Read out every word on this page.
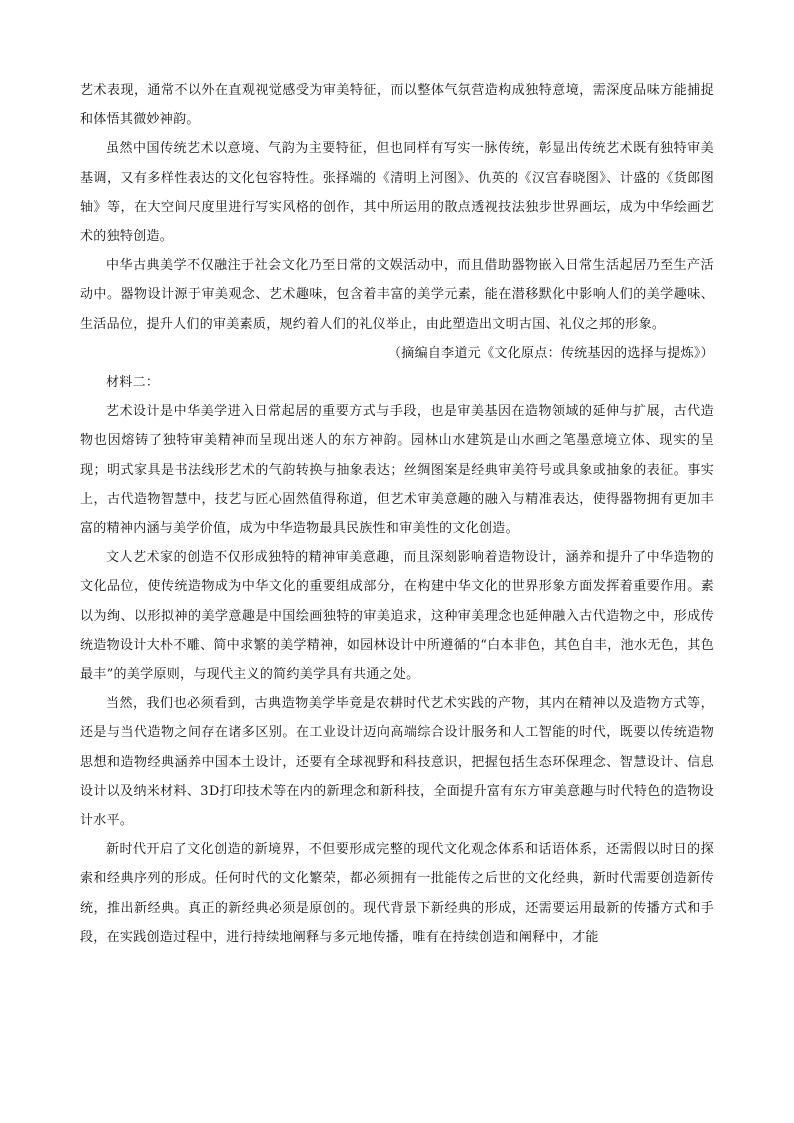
艺术表现，通常不以外在直观视觉感受为审美特征，而以整体气氛营造构成独特意境，需深度品味方能捕捉和体悟其微妙神韵。

虽然中国传统艺术以意境、气韵为主要特征，但也同样有写实一脉传统，彰显出传统艺术既有独特审美基调，又有多样性表达的文化包容特性。张择端的《清明上河图》、仇英的《汉宫春晓图》、计盛的《货郎图轴》等，在大空间尺度里进行写实风格的创作，其中所运用的散点透视技法独步世界画坛，成为中华绘画艺术的独特创造。

中华古典美学不仅融注于社会文化乃至日常的文娱活动中，而且借助器物嵌入日常生活起居乃至生产活动中。器物设计源于审美观念、艺术趣味，包含着丰富的美学元素，能在潜移默化中影响人们的美学趣味、生活品位，提升人们的审美素质，规约着人们的礼仪举止，由此塑造出文明古国、礼仪之邦的形象。

（摘编自李道元《文化原点：传统基因的选择与提炼》）

材料二：

艺术设计是中华美学进入日常起居的重要方式与手段，也是审美基因在造物领域的延伸与扩展，古代造物也因熔铸了独特审美精神而呈现出迷人的东方神韵。园林山水建筑是山水画之笔墨意境立体、现实的呈现；明式家具是书法线形艺术的气韵转换与抽象表达；丝绸图案是经典审美符号或具象或抽象的表征。事实上，古代造物智慧中，技艺与匠心固然值得称道，但艺术审美意趣的融入与精准表达，使得器物拥有更加丰富的精神内涵与美学价值，成为中华造物最具民族性和审美性的文化创造。

文人艺术家的创造不仅形成独特的精神审美意趣，而且深刻影响着造物设计，涵养和提升了中华造物的文化品位，使传统造物成为中华文化的重要组成部分，在构建中华文化的世界形象方面发挥着重要作用。素以为绚、以形拟神的美学意趣是中国绘画独特的审美追求，这种审美理念也延伸融入古代造物之中，形成传统造物设计大朴不雕、简中求繁的美学精神，如园林设计中所遵循的“白本非色，其色自丰，池水无色，其色最丰”的美学原则，与现代主义的简约美学具有共通之处。

当然，我们也必须看到，古典造物美学毕竟是农耕时代艺术实践的产物，其内在精神以及造物方式等，还是与当代造物之间存在诸多区别。在工业设计迈向高端综合设计服务和人工智能的时代，既要以传统造物思想和造物经典涵养中国本土设计，还要有全球视野和科技意识，把握包括生态环保理念、智慧设计、信息设计以及纳米材料、3D打印技术等在内的新理念和新科技，全面提升富有东方审美意趣与时代特色的造物设计水平。

新时代开启了文化创造的新境界，不但要形成完整的现代文化观念体系和话语体系，还需假以时日的探索和经典序列的形成。任何时代的文化繁荣，都必须拥有一批能传之后世的文化经典，新时代需要创造新传统，推出新经典。真正的新经典必须是原创的。现代背景下新经典的形成，还需要运用最新的传播方式和手段，在实践创造过程中，进行持续地阐释与多元地传播，唯有在持续创造和阐释中，才能
